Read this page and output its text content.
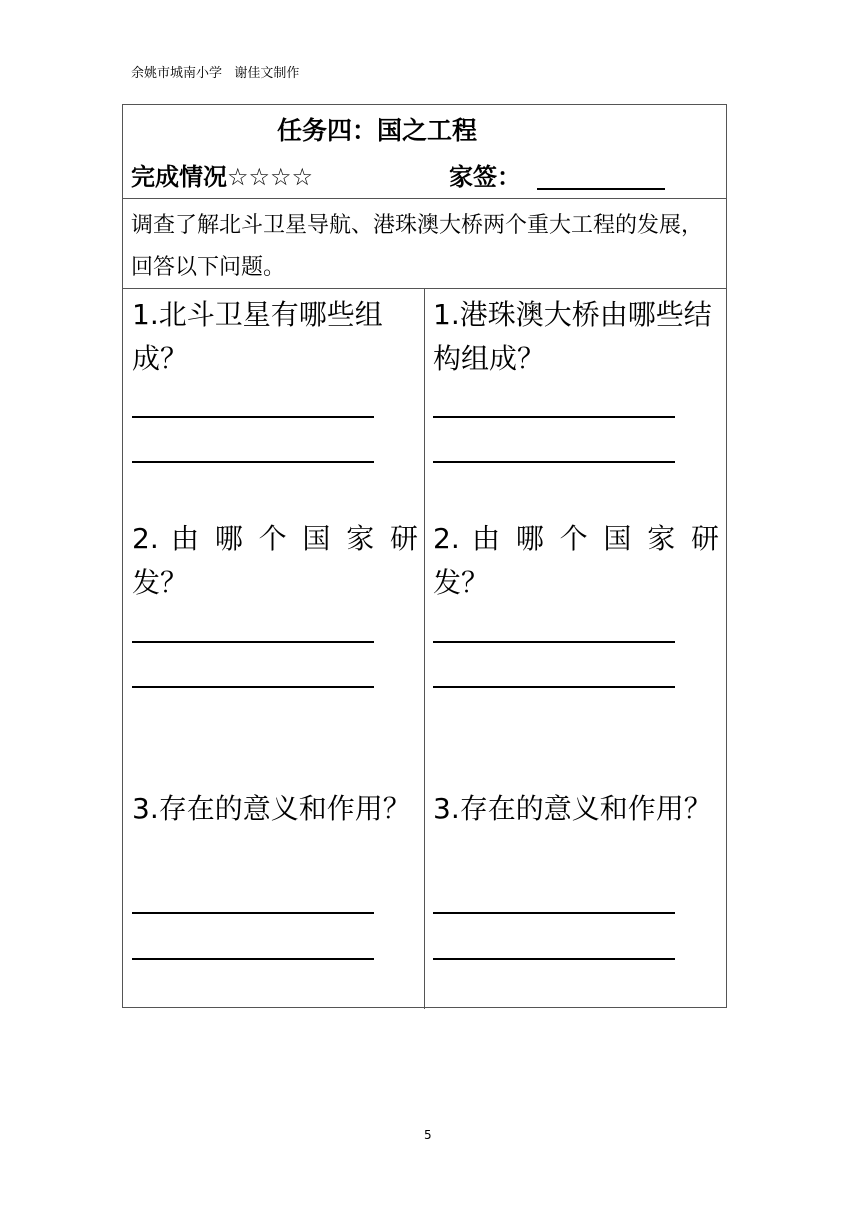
余姚市城南小学   谢佳文制作
任务四：国之工程
完成情况☆☆☆☆	家签：
调查了解北斗卫星导航、港珠澳大桥两个重大工程的发展，回答以下问题。
1.北斗卫星有哪些组成？
2. 由 哪 个 国 家 研
发？
3.存在的意义和作用？
1.港珠澳大桥由哪些结构组成？
2. 由 哪 个 国 家 研
发？
3.存在的意义和作用？
5
